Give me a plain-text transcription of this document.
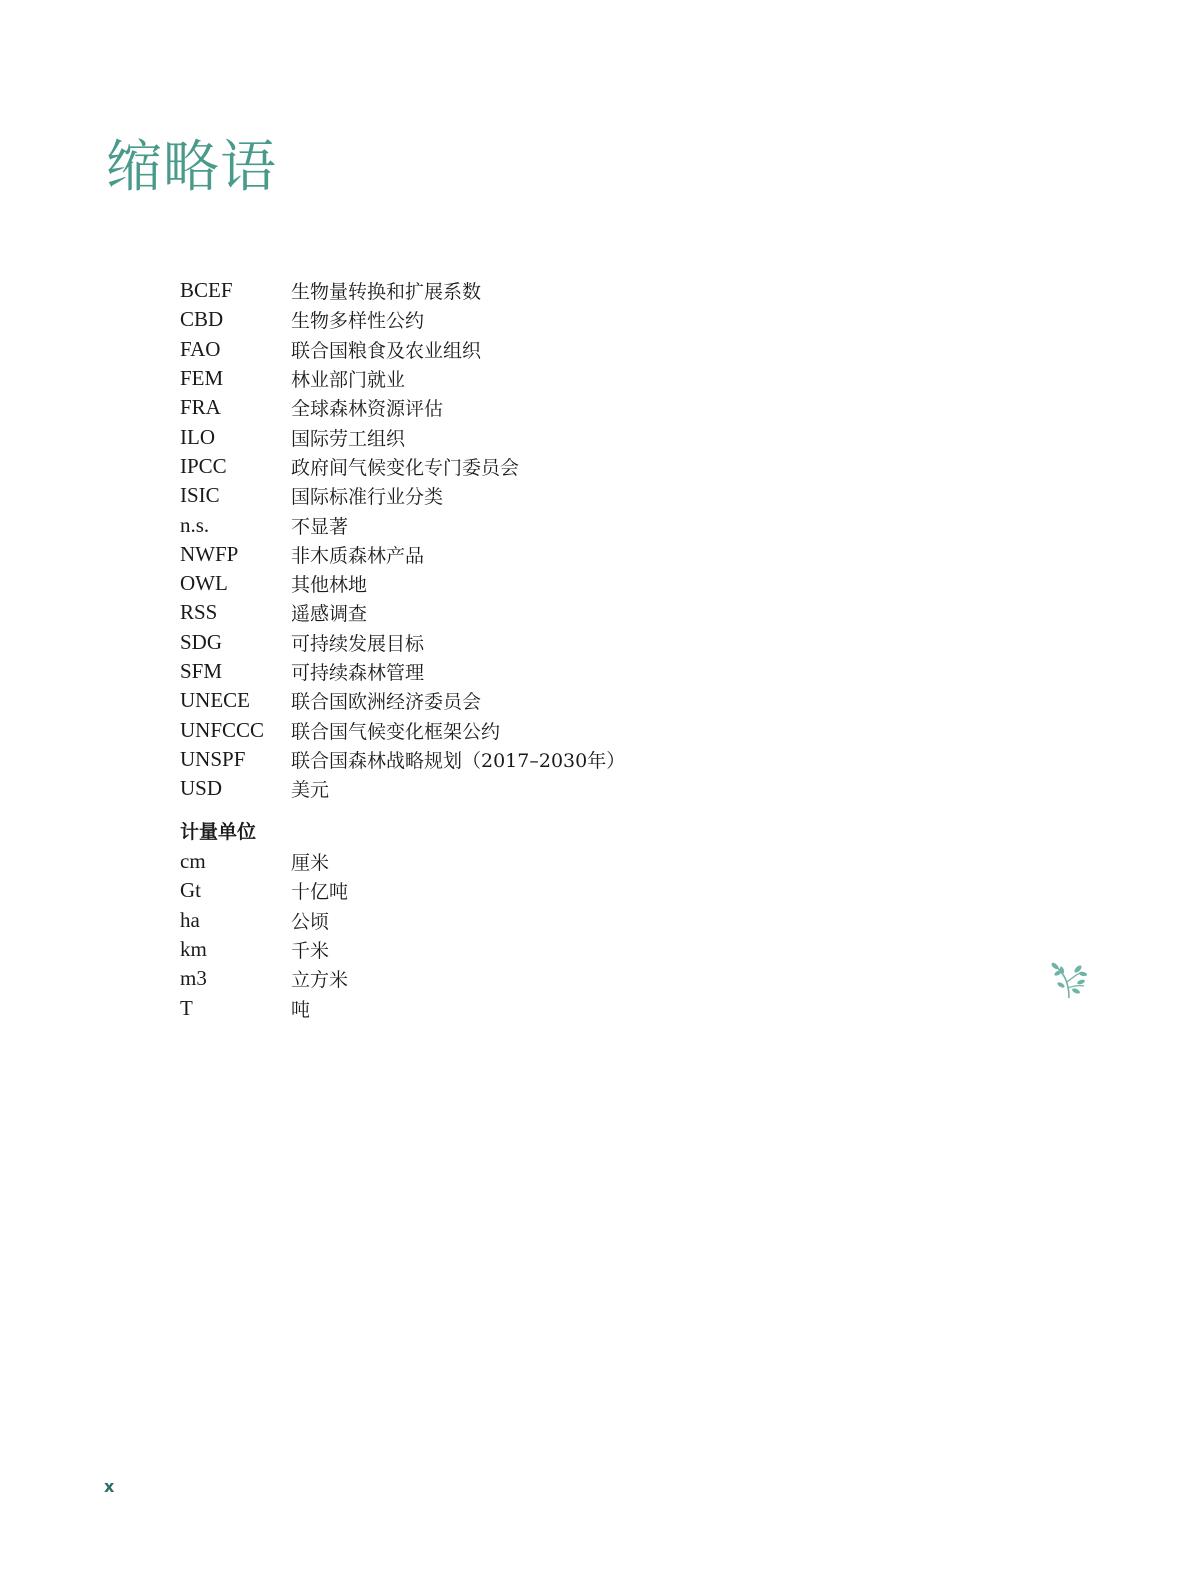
缩略语
BCEF	生物量转换和扩展系数
CBD	生物多样性公约
FAO	联合国粮食及农业组织
FEM	林业部门就业
FRA	全球森林资源评估
ILO	国际劳工组织
IPCC	政府间气候变化专门委员会
ISIC	国际标准行业分类
n.s.	不显著
NWFP	非木质森林产品
OWL	其他林地
RSS	遥感调查
SDG	可持续发展目标
SFM	可持续森林管理
UNECE	联合国欧洲经济委员会
UNFCCC	联合国气候变化框架公约
UNSPF	联合国森林战略规划（2017–2030年）
USD	美元
计量单位
cm	厘米
Gt	十亿吨
ha	公顷
km	千米
m3	立方米
T	吨
x
